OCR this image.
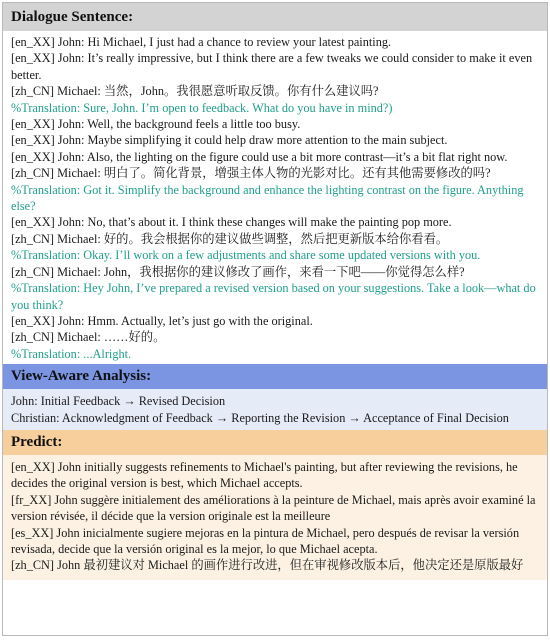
Dialogue Sentence:
[en_XX] John: Hi Michael, I just had a chance to review your latest painting.
[en_XX] John: It’s really impressive, but I think there are a few tweaks we could consider to make it even better.
[zh_CN] Michael: 当然，John。我很愿意听取反馈。你有什么建议吗?
%Translation: Sure, John. I’m open to feedback. What do you have in mind?)
[en_XX] John: Well, the background feels a little too busy.
[en_XX] John: Maybe simplifying it could help draw more attention to the main subject.
[en_XX] John: Also, the lighting on the figure could use a bit more contrast—it’s a bit flat right now.
[zh_CN] Michael: 明白了。简化背景，增强主体人物的光影对比。还有其他需要修改的吗?
%Translation: Got it. Simplify the background and enhance the lighting contrast on the figure. Anything else?
[en_XX] John: No, that’s about it. I think these changes will make the painting pop more.
[zh_CN] Michael: 好的。我会根据你的建议做些调整，然后把更新版本给你看看。
%Translation: Okay. I’ll work on a few adjustments and share some updated versions with you.
[zh_CN] Michael: John，我根据你的建议修改了画作，来看一下吧——你觉得怎么样?
%Translation: Hey John, I’ve prepared a revised version based on your suggestions. Take a look—what do you think?
[en_XX] John: Hmm. Actually, let’s just go with the original.
[zh_CN] Michael: ……好的。
%Translation: ...Alright.
View-Aware Analysis:
John: Initial Feedback → Revised Decision
Christian: Acknowledgment of Feedback → Reporting the Revision → Acceptance of Final Decision
Predict:
[en_XX] John initially suggests refinements to Michael's painting, but after reviewing the revisions, he decides the original version is best, which Michael accepts.
[fr_XX] John suggère initialement des améliorations à la peinture de Michael, mais après avoir examiné la version révisée, il décide que la version originale est la meilleure
[es_XX] John inicialmente sugiere mejoras en la pintura de Michael, pero después de revisar la versión revisada, decide que la versión original es la mejor, lo que Michael acepta.
[zh_CN] John 最初建议对 Michael 的画作进行改进，但在审视修改版本后，他决定还是原版最好
